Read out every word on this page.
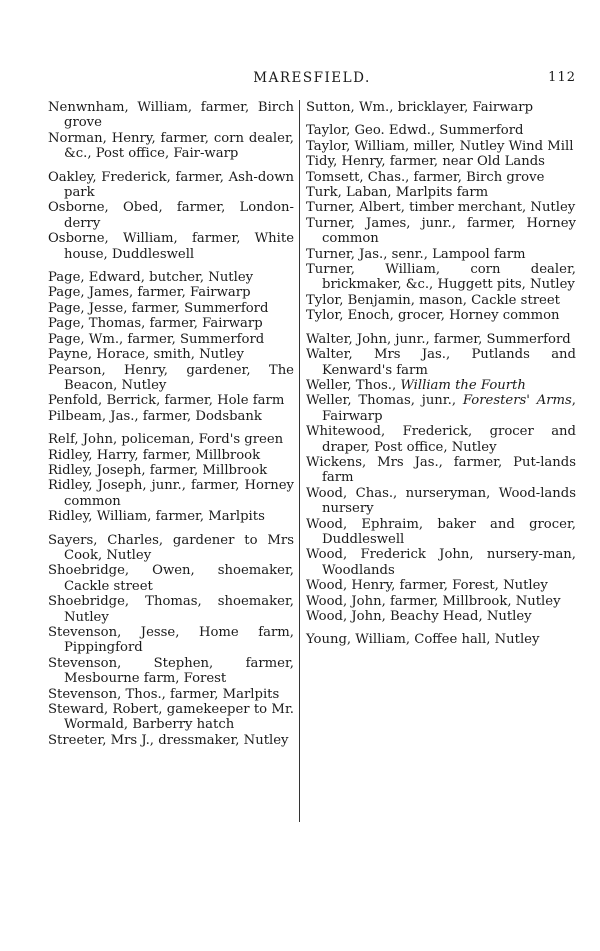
MARESFIELD.	112
Nenwnham, William, farmer, Birch grove
Norman, Henry, farmer, corn dealer, &c., Post office, Fair-warp
Oakley, Frederick, farmer, Ash-down park
Osborne, Obed, farmer, London-derry
Osborne, William, farmer, White house, Duddleswell
Page, Edward, butcher, Nutley
Page, James, farmer, Fairwarp
Page, Jesse, farmer, Summerford
Page, Thomas, farmer, Fairwarp
Page, Wm., farmer, Summerford
Payne, Horace, smith, Nutley
Pearson, Henry, gardener, The Beacon, Nutley
Penfold, Berrick, farmer, Hole farm
Pilbeam, Jas., farmer, Dodsbank
Relf, John, policeman, Ford's green
Ridley, Harry, farmer, Millbrook
Ridley, Joseph, farmer, Millbrook
Ridley, Joseph, junr., farmer, Horney common
Ridley, William, farmer, Marlpits
Sayers, Charles, gardener to Mrs Cook, Nutley
Shoebridge, Owen, shoemaker, Cackle street
Shoebridge, Thomas, shoemaker, Nutley
Stevenson, Jesse, Home farm, Pippingford
Stevenson, Stephen, farmer, Mesbourne farm, Forest
Stevenson, Thos., farmer, Marlpits
Steward, Robert, gamekeeper to Mr. Wormald, Barberry hatch
Streeter, Mrs J., dressmaker, Nutley
Sutton, Wm., bricklayer, Fairwarp
Taylor, Geo. Edwd., Summerford
Taylor, William, miller, Nutley Wind Mill
Tidy, Henry, farmer, near Old Lands
Tomsett, Chas., farmer, Birch grove
Turk, Laban, Marlpits farm
Turner, Albert, timber merchant, Nutley
Turner, James, junr., farmer, Horney common
Turner, Jas., senr., Lampool farm
Turner, William, corn dealer, brickmaker, &c., Huggett pits, Nutley
Tylor, Benjamin, mason, Cackle street
Tylor, Enoch, grocer, Horney common
Walter, John, junr., farmer, Summerford
Walter, Mrs Jas., Putlands and Kenward's farm
Weller, Thos., William the Fourth
Weller, Thomas, junr., Foresters' Arms, Fairwarp
Whitewood, Frederick, grocer and draper, Post office, Nutley
Wickens, Mrs Jas., farmer, Put-lands farm
Wood, Chas., nurseryman, Wood-lands nursery
Wood, Ephraim, baker and grocer, Duddleswell
Wood, Frederick John, nursery-man, Woodlands
Wood, Henry, farmer, Forest, Nutley
Wood, John, farmer, Millbrook, Nutley
Wood, John, Beachy Head, Nutley
Young, William, Coffee hall, Nutley
